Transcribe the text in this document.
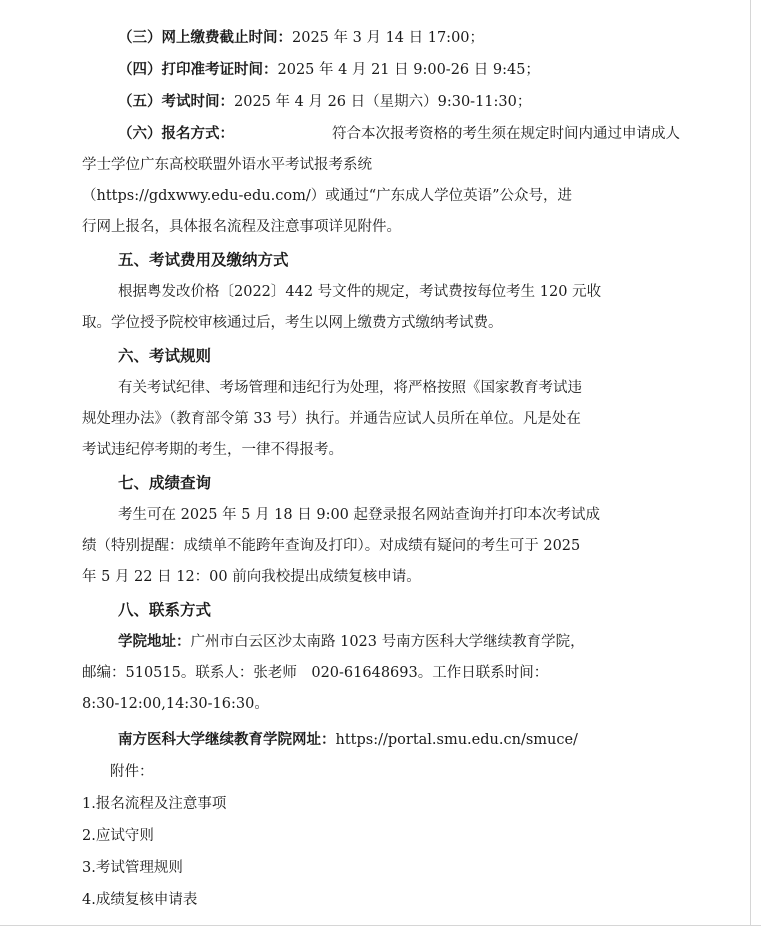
（三）网上缴费截止时间：2025 年 3 月 14 日 17:00；
（四）打印准考证时间：2025 年 4 月 21 日 9:00-26 日 9:45；
（五）考试时间：2025 年 4 月 26 日（星期六）9:30-11:30；
（六）报名方式：	符合本次报考资格的考生须在规定时间内通过申请成人
学士学位广东高校联盟外语水平考试报考系统
（https://gdxwwy.edu-edu.com/）或通过“广东成人学位英语”公众号，进
行网上报名，具体报名流程及注意事项详见附件。
五、考试费用及缴纳方式
根据粤发改价格〔2022〕442 号文件的规定，考试费按每位考生 120 元收
取。学位授予院校审核通过后，考生以网上缴费方式缴纳考试费。
六、考试规则
有关考试纪律、考场管理和违纪行为处理，将严格按照《国家教育考试违
规处理办法》（教育部令第 33 号）执行。并通告应试人员所在单位。凡是处在
考试违纪停考期的考生，一律不得报考。
七、成绩查询
考生可在 2025 年 5 月 18 日 9:00 起登录报名网站查询并打印本次考试成
绩（特别提醒：成绩单不能跨年查询及打印）。对成绩有疑问的考生可于 2025
年 5 月 22 日 12：00 前向我校提出成绩复核申请。
八、联系方式
学院地址：广州市白云区沙太南路 1023 号南方医科大学继续教育学院，
邮编：510515。联系人：张老师　020-61648693。工作日联系时间：
8:30-12:00,14:30-16:30。
南方医科大学继续教育学院网址：https://portal.smu.edu.cn/smuce/
附件：
1.报名流程及注意事项
2.应试守则
3.考试管理规则
4.成绩复核申请表
